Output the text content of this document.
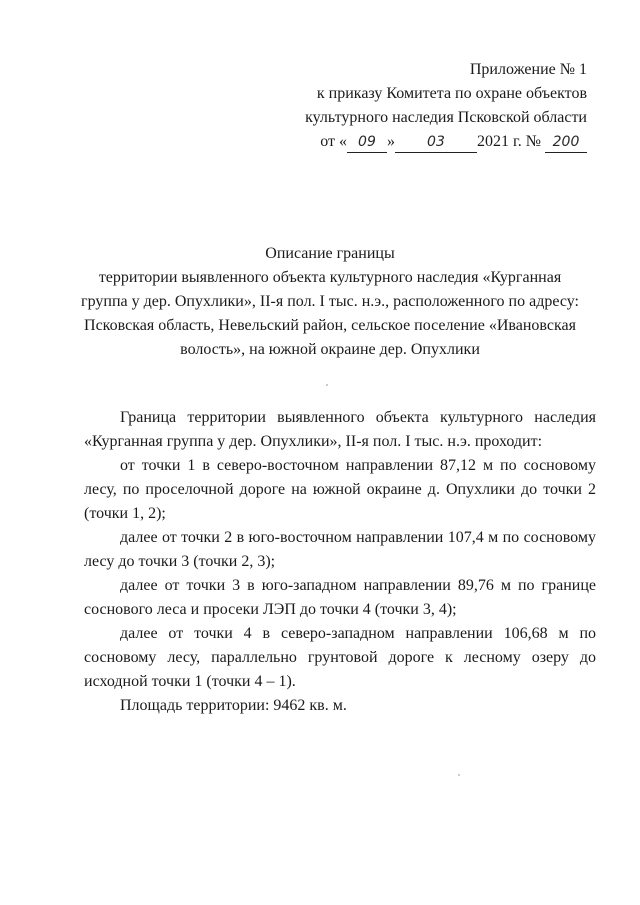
Приложение № 1
к приказу Комитета по охране объектов
культурного наследия Псковской области
от « 09 » 03 2021 г. № 200
Описание границы
территории выявленного объекта культурного наследия «Курганная
группа у дер. Опухлики», II-я пол. I тыс. н.э., расположенного по адресу:
Псковская область, Невельский район, сельское поселение «Ивановская
волость», на южной окраине дер. Опухлики

Граница территории выявленного объекта культурного наследия «Курганная группа у дер. Опухлики», II-я пол. I тыс. н.э. проходит:

от точки 1 в северо-восточном направлении 87,12 м по сосновому лесу, по проселочной дороге на южной окраине д. Опухлики до точки 2 (точки 1, 2);

далее от точки 2 в юго-восточном направлении 107,4 м по сосновому лесу до точки 3 (точки 2, 3);

далее от точки 3 в юго-западном направлении 89,76 м по границе соснового леса и просеки ЛЭП до точки 4 (точки 3, 4);

далее от точки 4 в северо-западном направлении 106,68 м по сосновому лесу, параллельно грунтовой дороге к лесному озеру до исходной точки 1 (точки 4 – 1).

Площадь территории: 9462 кв. м.
